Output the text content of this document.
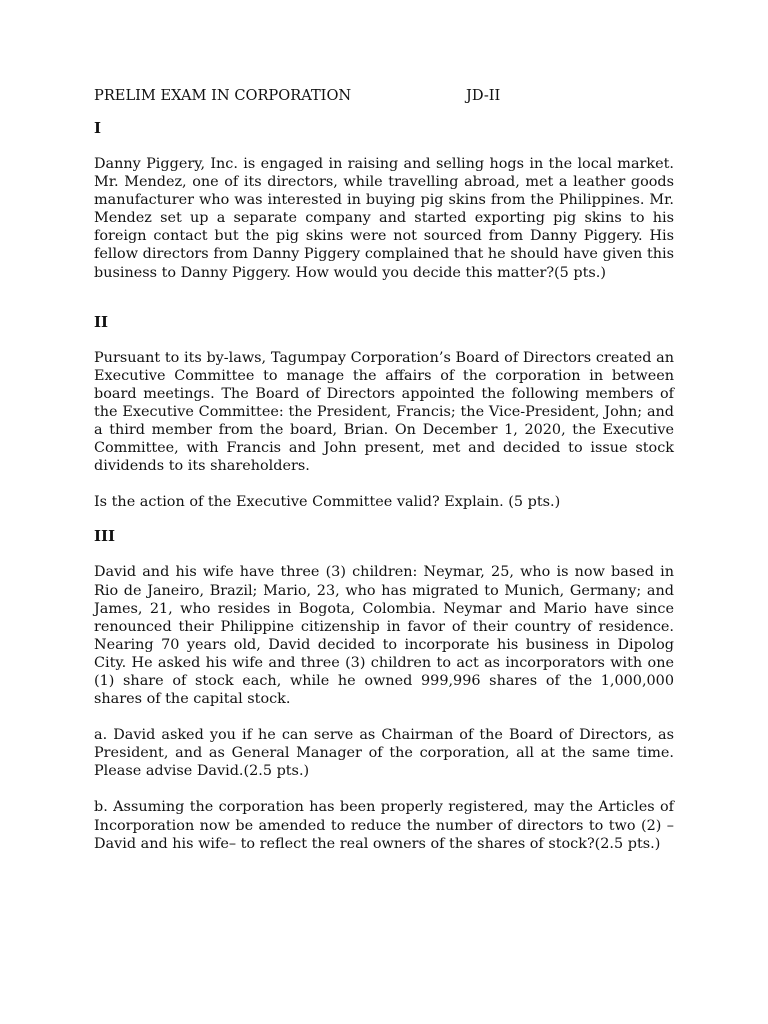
PRELIM EXAM IN CORPORATION	JD-II
I

Danny Piggery, Inc. is engaged in raising and selling hogs in the local market. Mr. Mendez, one of its directors, while travelling abroad, met a leather goods manufacturer who was interested in buying pig skins from the Philippines. Mr. Mendez set up a separate company and started exporting pig skins to his foreign contact but the pig skins were not sourced from Danny Piggery. His fellow directors from Danny Piggery complained that he should have given this business to Danny Piggery. How would you decide this matter?(5 pts.)

II

Pursuant to its by-laws, Tagumpay Corporation’s Board of Directors created an Executive Committee to manage the affairs of the corporation in between board meetings. The Board of Directors appointed the following members of the Executive Committee: the President, Francis; the Vice-President, John; and a third member from the board, Brian. On December 1, 2020, the Executive Committee, with Francis and John present, met and decided to issue stock dividends to its shareholders.

Is the action of the Executive Committee valid? Explain. (5 pts.)

III

David and his wife have three (3) children: Neymar, 25, who is now based in Rio de Janeiro, Brazil; Mario, 23, who has migrated to Munich, Germany; and James, 21, who resides in Bogota, Colombia. Neymar and Mario have since renounced their Philippine citizenship in favor of their country of residence. Nearing 70 years old, David decided to incorporate his business in Dipolog City. He asked his wife and three (3) children to act as incorporators with one (1) share of stock each, while he owned 999,996 shares of the 1,000,000 shares of the capital stock.

a. David asked you if he can serve as Chairman of the Board of Directors, as President, and as General Manager of the corporation, all at the same time. Please advise David.(2.5 pts.)

b. Assuming the corporation has been properly registered, may the Articles of Incorporation now be amended to reduce the number of directors to two (2) – David and his wife– to reflect the real owners of the shares of stock?(2.5 pts.)
